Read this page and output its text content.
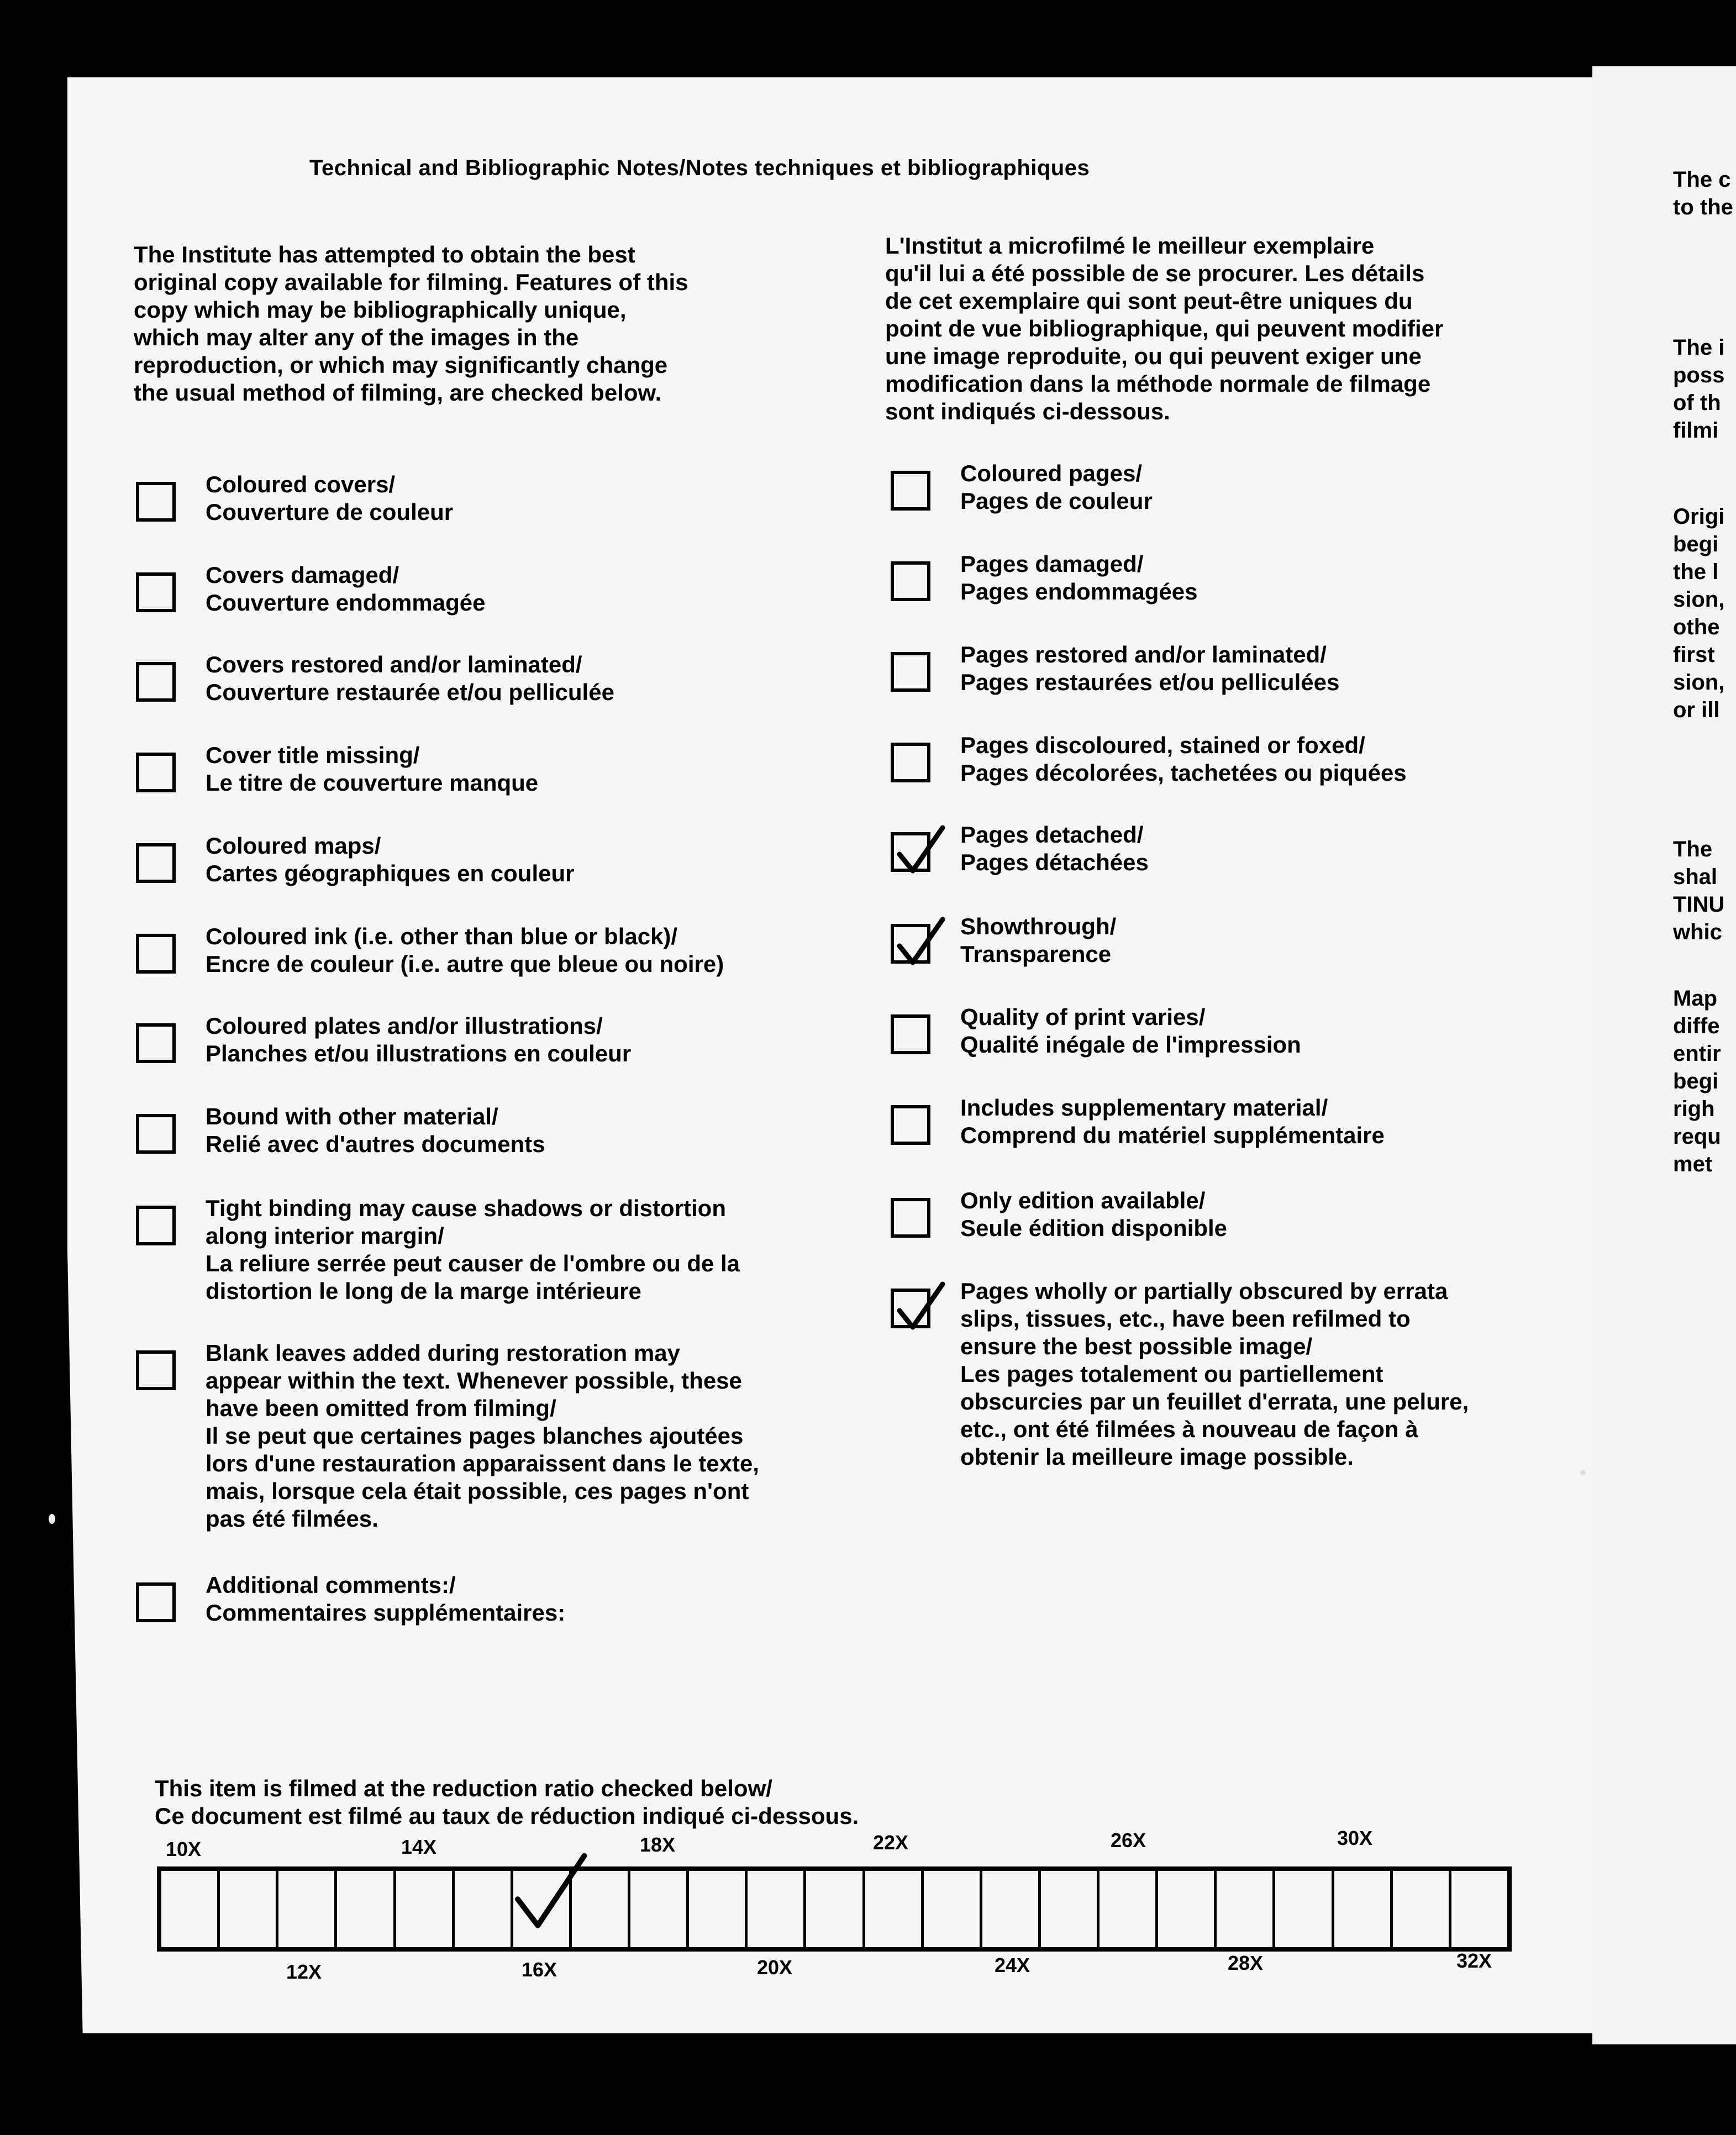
Technical and Bibliographic Notes/Notes techniques et bibliographiques
The Institute has attempted to obtain the best
original copy available for filming. Features of this
copy which may be bibliographically unique,
which may alter any of the images in the
reproduction, or which may significantly change
the usual method of filming, are checked below.
L'Institut a microfilmé le meilleur exemplaire
qu'il lui a été possible de se procurer. Les détails
de cet exemplaire qui sont peut-être uniques du
point de vue bibliographique, qui peuvent modifier
une image reproduite, ou qui peuvent exiger une
modification dans la méthode normale de filmage
sont indiqués ci-dessous.
Coloured covers/
Couverture de couleur
Covers damaged/
Couverture endommagée
Covers restored and/or laminated/
Couverture restaurée et/ou pelliculée
Cover title missing/
Le titre de couverture manque
Coloured maps/
Cartes géographiques en couleur
Coloured ink (i.e. other than blue or black)/
Encre de couleur (i.e. autre que bleue ou noire)
Coloured plates and/or illustrations/
Planches et/ou illustrations en couleur
Bound with other material/
Relié avec d'autres documents
Tight binding may cause shadows or distortion
along interior margin/
La reliure serrée peut causer de l'ombre ou de la
distortion le long de la marge intérieure
Blank leaves added during restoration may
appear within the text. Whenever possible, these
have been omitted from filming/
Il se peut que certaines pages blanches ajoutées
lors d'une restauration apparaissent dans le texte,
mais, lorsque cela était possible, ces pages n'ont
pas été filmées.
Additional comments:/
Commentaires supplémentaires:
Coloured pages/
Pages de couleur
Pages damaged/
Pages endommagées
Pages restored and/or laminated/
Pages restaurées et/ou pelliculées
Pages discoloured, stained or foxed/
Pages décolorées, tachetées ou piquées
Pages detached/
Pages détachées
Showthrough/
Transparence
Quality of print varies/
Qualité inégale de l'impression
Includes supplementary material/
Comprend du matériel supplémentaire
Only edition available/
Seule édition disponible
Pages wholly or partially obscured by errata
slips, tissues, etc., have been refilmed to
ensure the best possible image/
Les pages totalement ou partiellement
obscurcies par un feuillet d'errata, une pelure,
etc., ont été filmées à nouveau de façon à
obtenir la meilleure image possible.
This item is filmed at the reduction ratio checked below/
Ce document est filmé au taux de réduction indiqué ci-dessous.
10X	14X	18X	22X	26X	30X
12X	16X	20X	24X	28X	32X
The c
to the
The i
poss
of th
filmi
Origi
begi
the l
sion,
othe
first
sion,
or ill
The
shal
TINU
whic
Map
diffe
entir
begi
righ
requ
met
